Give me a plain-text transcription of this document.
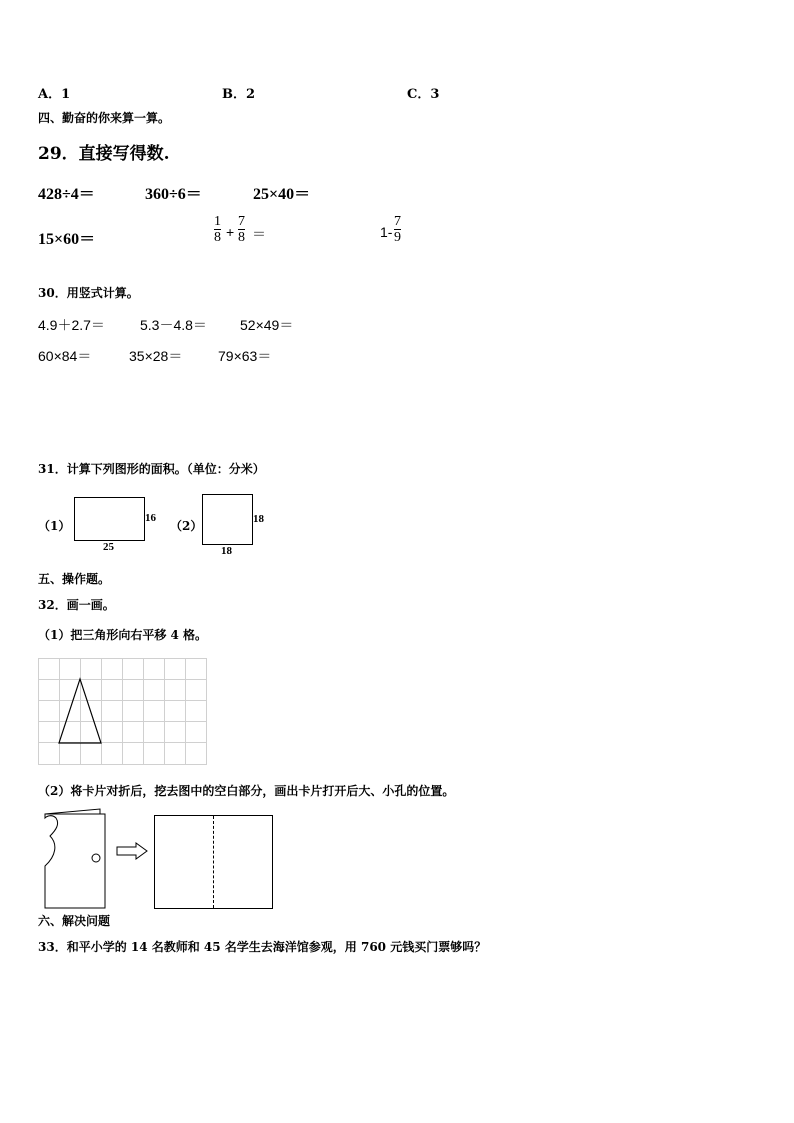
A．1	B．2	C．3
四、勤奋的你来算一算。
29．直接写得数.
428÷4＝	360÷6＝	25×40＝
15×60＝
1
8 +
7
8 ＝	1-
7
9
30．用竖式计算。
4.9＋2.7＝	5.3－4.8＝ 52×49＝
60×84＝	35×28＝	79×63＝
31．计算下列图形的面积。（单位：分米）
（1）
16
25
（2）	18
18
五、操作题。
32．画一画。
（1）把三角形向右平移 4 格。
（2）将卡片对折后，挖去图中的空白部分，画出卡片打开后大、小孔的位置。
六、解决问题
33．和平小学的 14 名教师和 45 名学生去海洋馆参观，用 760 元钱买门票够吗？
